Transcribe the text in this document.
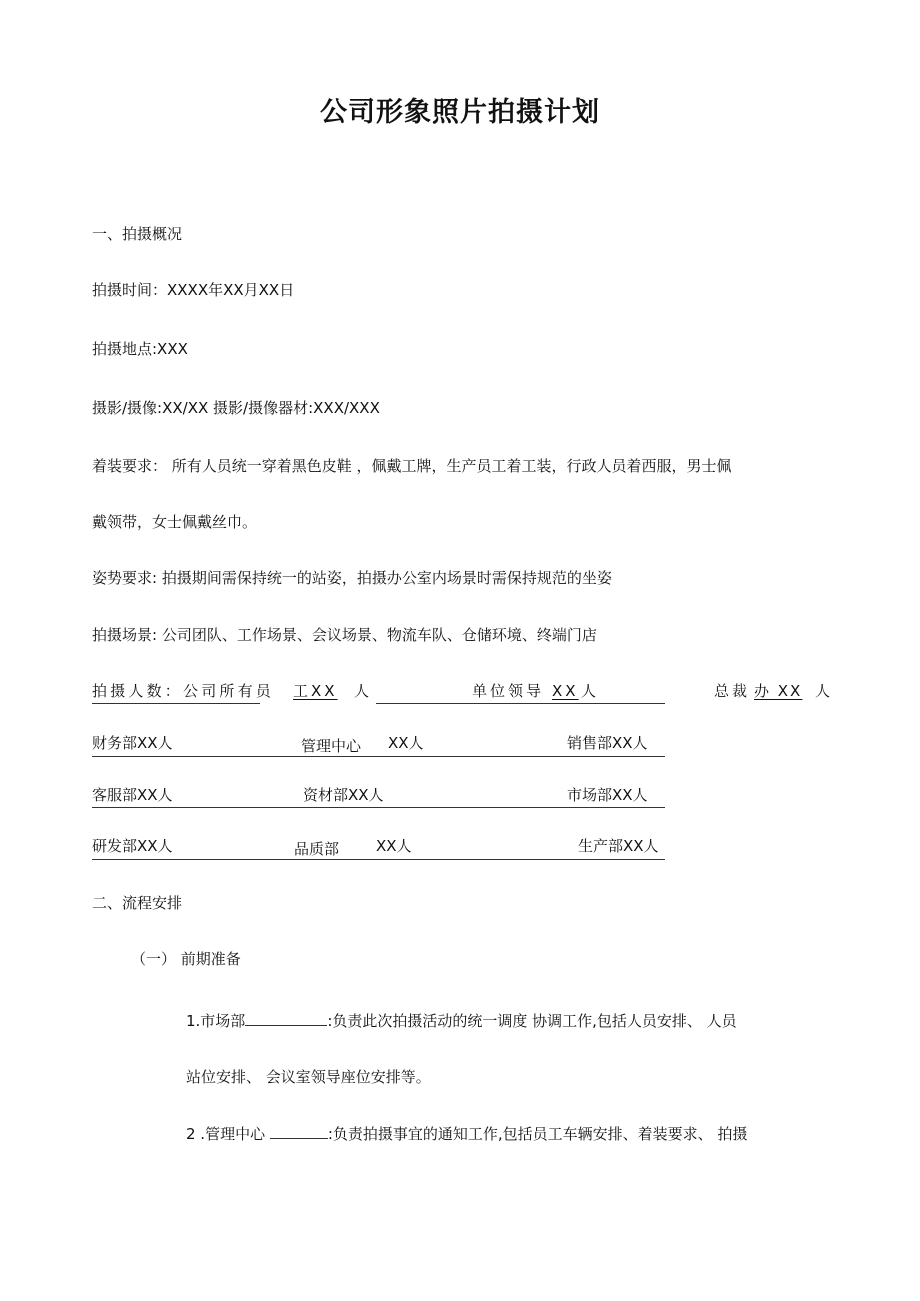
公司形象照片拍摄计划
一、拍摄概况
拍摄时间：XXXX年XX月XX日
拍摄地点:XXX
摄影/摄像:XX/XX 摄影/摄像器材:XXX/XXX
着装要求： 所有人员统一穿着黑色皮鞋 ，佩戴工牌，生产员工着工装，行政人员着西服，男士佩
戴领带，女士佩戴丝巾。
姿势要求: 拍摄期间需保持统一的站姿，拍摄办公室内场景时需保持规范的坐姿
拍摄场景: 公司团队、工作场景、会议场景、物流车队、仓储环境、终端门店
拍摄人数：公司所有员 工XX 人	单位领导 XX 人	总裁 办 XX 人
财务部XX人	管理中心 XX人	销售部XX人
客服部XX人	资材部XX人	市场部XX人
研发部XX人	品质部 XX人	生产部XX人
二、流程安排
（一） 前期准备
1.市场部	:负责此次拍摄活动的统一调度 协调工作,包括人员安排、 人员
站位安排、 会议室领导座位安排等。
2 .管理中心	:负责拍摄事宜的通知工作,包括员工车辆安排、着装要求、 拍摄
